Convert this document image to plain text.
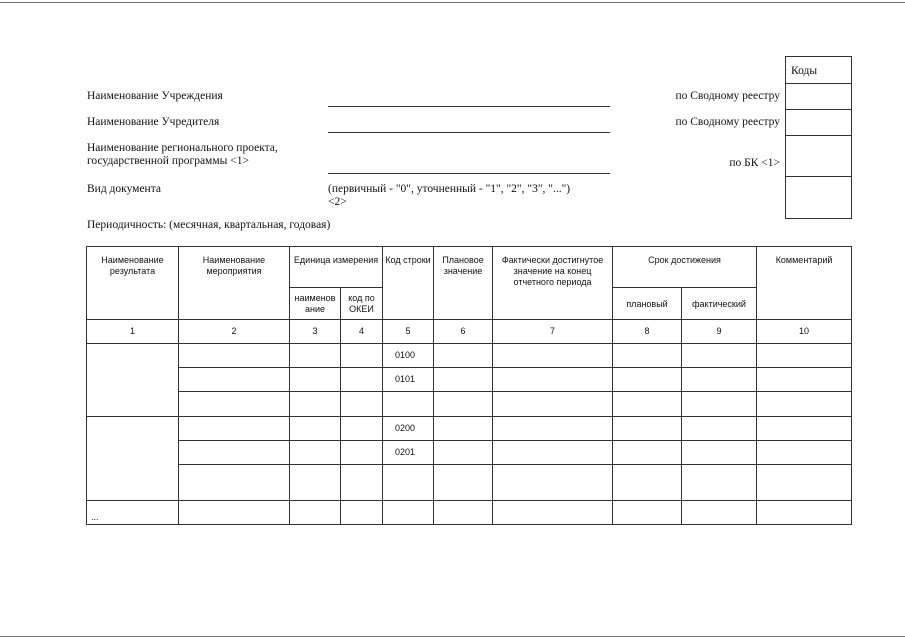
Наименование Учреждения
Наименование Учредителя
Наименование регионального проекта,
государственной программы <1>
Вид документа	(первичный - "0", уточненный - "1", "2", "3", "...")
<2>
Периодичность: (месячная, квартальная, годовая)
по Сводному реестру
по Сводному реестру
по БК <1>
Коды
Наименование результата	Наименование мероприятия	Единица измерения		Код строки	Плановое значение	Фактически достигнутое значение на конец отчетного периода	Срок достижения		Комментарий
		наименов ание	код по ОКЕИ				плановый	фактический	
1	2	3	4	5	6	7	8	9	10
				0100					
				0101					

				0200					
				0201					

...									
